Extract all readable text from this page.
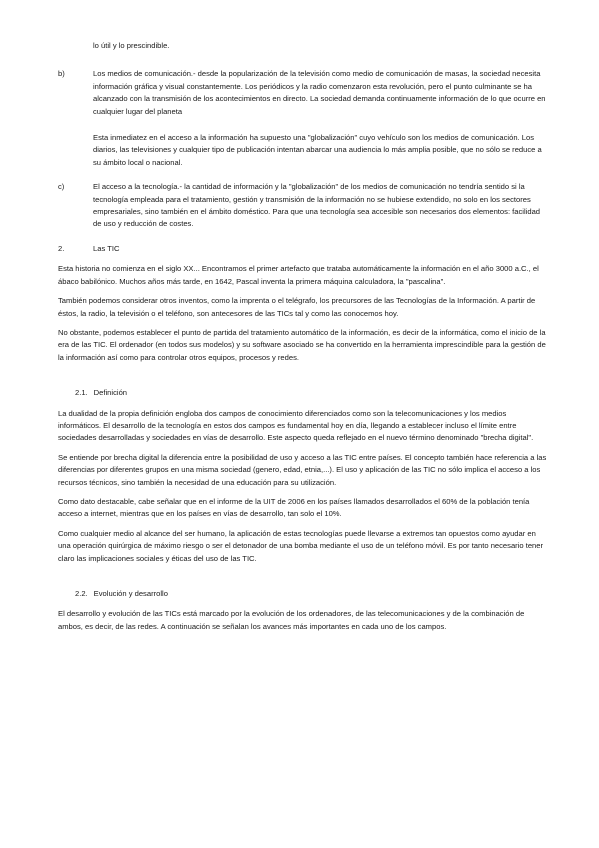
lo útil y lo prescindible.

b)	Los medios de comunicación.- desde la popularización de la televisión como medio de comunicación de masas, la sociedad necesita información gráfica y visual constantemente. Los periódicos y la radio comenzaron esta revolución, pero el punto culminante se ha alcanzado con la transmisión de los acontecimientos en directo. La sociedad demanda continuamente información de lo que ocurre en cualquier lugar del planeta

Esta inmediatez en el acceso a la información ha supuesto una "globalización" cuyo vehículo son los medios de comunicación. Los diarios, las televisiones y cualquier tipo de publicación intentan abarcar una audiencia lo más amplia posible, que no sólo se reduce a su ámbito local o nacional.

c)	El acceso a la tecnología.- la cantidad de información y la "globalización" de los medios de comunicación no tendría sentido si la tecnología empleada para el tratamiento, gestión y transmisión de la información no se hubiese extendido, no solo en los sectores empresariales, sino también en el ámbito doméstico. Para que una tecnología sea accesible son necesarios dos elementos: facilidad de uso y reducción de costes.

2.	Las TIC

Esta historia no comienza en el siglo XX... Encontramos el primer artefacto que trataba automáticamente la información en el año 3000 a.C., el ábaco babilónico. Muchos años más tarde, en 1642, Pascal inventa la primera máquina calculadora, la "pascalina".

También podemos considerar otros inventos, como la imprenta o el telégrafo, los precursores de las Tecnologías de la Información. A partir de éstos, la radio, la televisión o el teléfono, son antecesores de las TICs tal y como las conocemos hoy.

No obstante, podemos establecer el punto de partida del tratamiento automático de la información, es decir de la informática, como el inicio de la era de las TIC. El ordenador (en todos sus modelos) y su software asociado se ha convertido en la herramienta imprescindible para la gestión de la información así como para controlar otros equipos, procesos y redes.

2.1. Definición

La dualidad de la propia definición engloba dos campos de conocimiento diferenciados como son la telecomunicaciones y los medios informáticos. El desarrollo de la tecnología en estos dos campos es fundamental hoy en día, llegando a establecer incluso el límite entre sociedades desarrolladas y sociedades en vías de desarrollo. Este aspecto queda reflejado en el nuevo término denominado "brecha digital".

Se entiende por brecha digital la diferencia entre la posibilidad de uso y acceso a las TIC entre países. El concepto también hace referencia a las diferencias por diferentes grupos en una misma sociedad (genero, edad, etnia,...). El uso y aplicación de las TIC no sólo implica el acceso a los recursos técnicos, sino también la necesidad de una educación para su utilización.

Como dato destacable, cabe señalar que en el informe de la UIT de 2006 en los países llamados desarrollados el 60% de la población tenía acceso a internet, mientras que en los países en vías de desarrollo, tan solo el 10%.

Como cualquier medio al alcance del ser humano, la aplicación de estas tecnologías puede llevarse a extremos tan opuestos como ayudar en una operación quirúrgica de máximo riesgo o ser el detonador de una bomba mediante el uso de un teléfono móvil. Es por tanto necesario tener claro las implicaciones sociales y éticas del uso de las TIC.

2.2. Evolución y desarrollo

El desarrollo y evolución de las TICs está marcado por la evolución de los ordenadores, de las telecomunicaciones y de la combinación de ambos, es decir, de las redes. A continuación se señalan los avances más importantes en cada uno de los campos.
